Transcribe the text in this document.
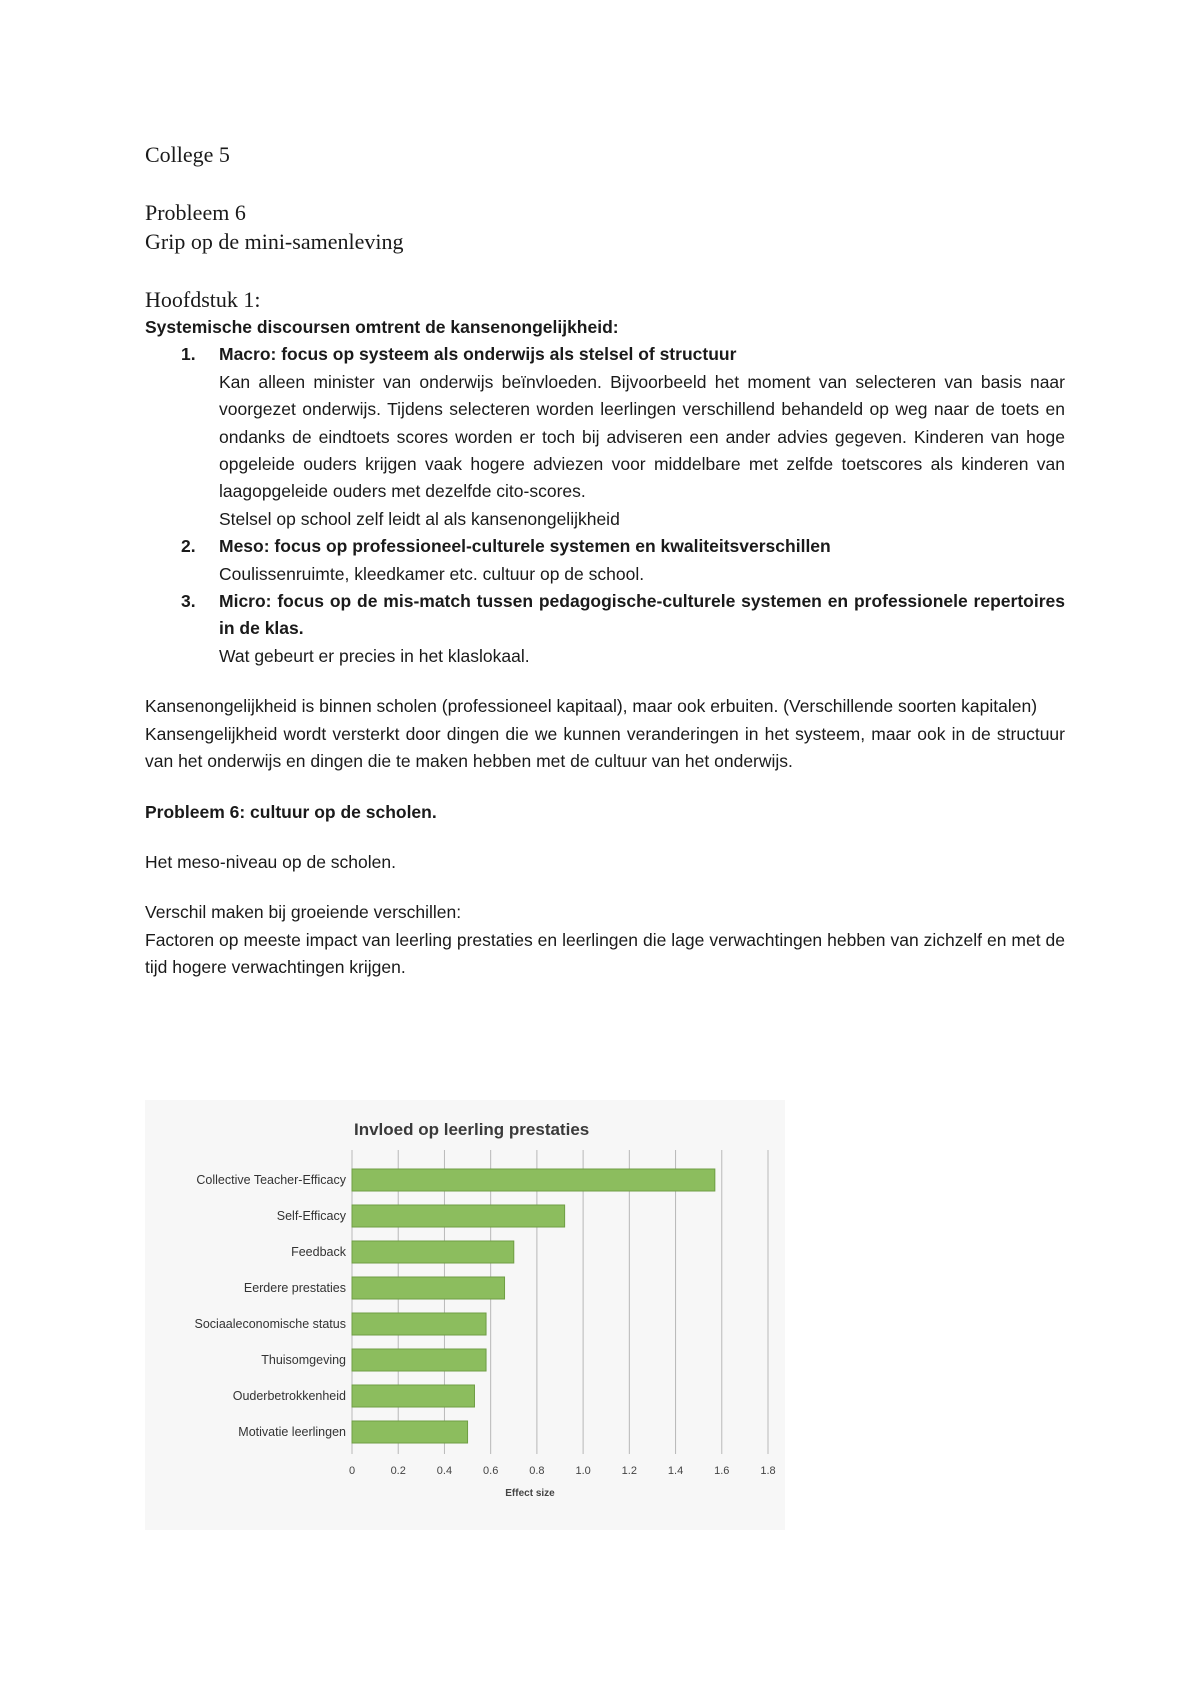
College 5
Probleem 6
Grip op de mini-samenleving
Hoofdstuk 1:

Systemische discoursen omtrent de kansenongelijkheid:

1. Macro: focus op systeem als onderwijs als stelsel of structuur
Kan alleen minister van onderwijs beïnvloeden. Bijvoorbeeld het moment van selecteren van basis naar voorgezet onderwijs. Tijdens selecteren worden leerlingen verschillend behandeld op weg naar de toets en ondanks de eindtoets scores worden er toch bij adviseren een ander advies gegeven. Kinderen van hoge opgeleide ouders krijgen vaak hogere adviezen voor middelbare met zelfde toetscores als kinderen van laagopgeleide ouders met dezelfde cito-scores.
Stelsel op school zelf leidt al als kansenongelijkheid
2. Meso: focus op professioneel-culturele systemen en kwaliteitsverschillen
Coulissenruimte, kleedkamer etc. cultuur op de school.
3. Micro: focus op de mis-match tussen pedagogische-culturele systemen en professionele repertoires in de klas.
Wat gebeurt er precies in het klaslokaal.

Kansenongelijkheid is binnen scholen (professioneel kapitaal), maar ook erbuiten. (Verschillende soorten kapitalen)

Kansengelijkheid wordt versterkt door dingen die we kunnen veranderingen in het systeem, maar ook in de structuur van het onderwijs en dingen die te maken hebben met de cultuur van het onderwijs.

Probleem 6: cultuur op de scholen.

Het meso-niveau op de scholen.

Verschil maken bij groeiende verschillen:

Factoren op meeste impact van leerling prestaties en leerlingen die lage verwachtingen hebben van zichzelf en met de tijd hogere verwachtingen krijgen.

Invloed op leerling prestaties
0	0.2	0.4	0.6	0.8	1.0	1.2	1.4	1.6	1.8
Collective Teacher-Efficacy
Self-Efficacy
Feedback
Eerdere prestaties
Sociaaleconomische status
Thuisomgeving
Ouderbetrokkenheid
Motivatie leerlingen
Effect size
